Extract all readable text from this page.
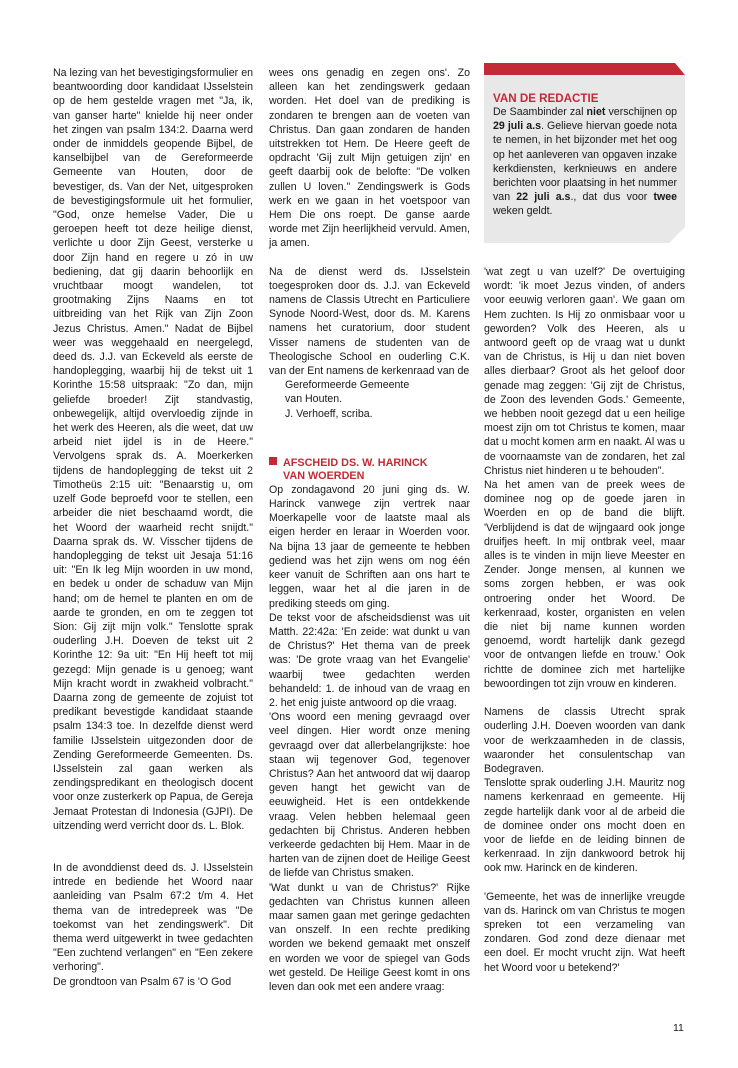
VAN DE REDACTIE

De Saambinder zal niet verschijnen op 29 juli a.s. Gelieve hiervan goede nota te nemen, in het bijzonder met het oog op het aanleveren van opgaven inzake kerkdiensten, kerknieuws en andere berichten voor plaatsing in het nummer van 22 juli a.s., dat dus voor twee weken geldt.

Na lezing van het bevestigingsformulier en beantwoording door kandidaat IJsselstein op de hem gestelde vragen met "Ja, ik, van ganser harte" knielde hij neer onder het zingen van psalm 134:2. Daarna werd onder de inmiddels geopende Bijbel, de kanselbijbel van de Gereformeerde Gemeente van Houten, door de bevestiger, ds. Van der Net, uitgesproken de bevestigingsformule uit het formulier, "God, onze hemelse Vader, Die u geroepen heeft tot deze heilige dienst, verlichte u door Zijn Geest, versterke u door Zijn hand en regere u zó in uw bediening, dat gij daarin behoorlijk en vruchtbaar moogt wandelen, tot grootmaking Zijns Naams en tot uitbreiding van het Rijk van Zijn Zoon Jezus Christus. Amen." Nadat de Bijbel weer was weggehaald en neergelegd, deed ds. J.J. van Eckeveld als eerste de handoplegging, waarbij hij de tekst uit 1 Korinthe 15:58 uitspraak: "Zo dan, mijn geliefde broeder! Zijt standvastig, onbewegelijk, altijd overvloedig zijnde in het werk des Heeren, als die weet, dat uw arbeid niet ijdel is in de Heere." Vervolgens sprak ds. A. Moerkerken tijdens de handoplegging de tekst uit 2 Timotheüs 2:15 uit: "Benaarstig u, om uzelf Gode beproefd voor te stellen, een arbeider die niet beschaamd wordt, die het Woord der waarheid recht snijdt." Daarna sprak ds. W. Visscher tijdens de handoplegging de tekst uit Jesaja 51:16 uit: "En Ik leg Mijn woorden in uw mond, en bedek u onder de schaduw van Mijn hand; om de hemel te planten en om de aarde te gronden, en om te zeggen tot Sion: Gij zijt mijn volk." Tenslotte sprak ouderling J.H. Doeven de tekst uit 2 Korinthe 12: 9a uit: "En Hij heeft tot mij gezegd: Mijn genade is u genoeg; want Mijn kracht wordt in zwakheid volbracht." Daarna zong de gemeente de zojuist tot predikant bevestigde kandidaat staande psalm 134:3 toe. In dezelfde dienst werd familie IJsselstein uitgezonden door de Zending Gereformeerde Gemeenten. Ds. IJsselstein zal gaan werken als zendingspredikant en theologisch docent voor onze zusterkerk op Papua, de Gereja Jemaat Protestan di Indonesia (GJPI). De uitzending werd verricht door ds. L. Blok.

In de avonddienst deed ds. J. IJsselstein intrede en bediende het Woord naar aanleiding van Psalm 67:2 t/m 4. Het thema van de intredepreek was "De toekomst van het zendingswerk". Dit thema werd uitgewerkt in twee gedachten "Een zuchtend verlangen" en "Een zekere verhoring".

De grondtoon van Psalm 67 is 'O God

wees ons genadig en zegen ons'. Zo alleen kan het zendingswerk gedaan worden. Het doel van de prediking is zondaren te brengen aan de voeten van Christus. Dan gaan zondaren de handen uitstrekken tot Hem. De Heere geeft de opdracht 'Gij zult Mijn getuigen zijn' en geeft daarbij ook de belofte: "De volken zullen U loven." Zendingswerk is Gods werk en we gaan in het voetspoor van Hem Die ons roept. De ganse aarde worde met Zijn heerlijkheid vervuld. Amen, ja amen.

Na de dienst werd ds. IJsselstein toegesproken door ds. J.J. van Eckeveld namens de Classis Utrecht en Particuliere Synode Noord-West, door ds. M. Karens namens het curatorium, door student Visser namens de studenten van de Theologische School en ouderling C.K. van der Ent namens de kerkenraad van de

Gereformeerde Gemeente

van Houten.

J. Verhoeff, scriba.

AFSCHEID DS. W. HARINCK
VAN WOERDEN

Op zondagavond 20 juni ging ds. W. Harinck vanwege zijn vertrek naar Moerkapelle voor de laatste maal als eigen herder en leraar in Woerden voor. Na bijna 13 jaar de gemeente te hebben gediend was het zijn wens om nog één keer vanuit de Schriften aan ons hart te leggen, waar het al die jaren in de prediking steeds om ging.

De tekst voor de afscheidsdienst was uit Matth. 22:42a: 'En zeide: wat dunkt u van de Christus?' Het thema van de preek was: 'De grote vraag van het Evangelie' waarbij twee gedachten werden behandeld: 1. de inhoud van de vraag en 2. het enig juiste antwoord op die vraag.

'Ons woord een mening gevraagd over veel dingen. Hier wordt onze mening gevraagd over dat allerbelangrijkste: hoe staan wij tegenover God, tegenover Christus? Aan het antwoord dat wij daarop geven hangt het gewicht van de eeuwigheid. Het is een ontdekkende vraag. Velen hebben helemaal geen gedachten bij Christus. Anderen hebben verkeerde gedachten bij Hem. Maar in de harten van de zijnen doet de Heilige Geest de liefde van Christus smaken.

'Wat dunkt u van de Christus?' Rijke gedachten van Christus kunnen alleen maar samen gaan met geringe gedachten van onszelf. In een rechte prediking worden we bekend gemaakt met onszelf en worden we voor de spiegel van Gods wet gesteld. De Heilige Geest komt in ons leven dan ook met een andere vraag:

'wat zegt u van uzelf?' De overtuiging wordt: 'ik moet Jezus vinden, of anders voor eeuwig verloren gaan'. We gaan om Hem zuchten. Is Hij zo onmisbaar voor u geworden? Volk des Heeren, als u antwoord geeft op de vraag wat u dunkt van de Christus, is Hij u dan niet boven alles dierbaar? Groot als het geloof door genade mag zeggen: 'Gij zijt de Christus, de Zoon des levenden Gods.' Gemeente, we hebben nooit gezegd dat u een heilige moest zijn om tot Christus te komen, maar dat u mocht komen arm en naakt. Al was u de voornaamste van de zondaren, het zal Christus niet hinderen u te behouden".

Na het amen van de preek wees de dominee nog op de goede jaren in Woerden en op de band die blijft. 'Verblijdend is dat de wijngaard ook jonge druifjes heeft. In mij ontbrak veel, maar alles is te vinden in mijn lieve Meester en Zender. Jonge mensen, al kunnen we soms zorgen hebben, er was ook ontroering onder het Woord. De kerkenraad, koster, organisten en velen die niet bij name kunnen worden genoemd, wordt hartelijk dank gezegd voor de ontvangen liefde en trouw.' Ook richtte de dominee zich met hartelijke bewoordingen tot zijn vrouw en kinderen.

Namens de classis Utrecht sprak ouderling J.H. Doeven woorden van dank voor de werkzaamheden in de classis, waaronder het consulentschap van Bodegraven.

Tenslotte sprak ouderling J.H. Mauritz nog namens kerkenraad en gemeente. Hij zegde hartelijk dank voor al de arbeid die de dominee onder ons mocht doen en voor de liefde en de leiding binnen de kerkenraad. In zijn dankwoord betrok hij ook mw. Harinck en de kinderen.

'Gemeente, het was de innerlijke vreugde van ds. Harinck om van Christus te mogen spreken tot een verzameling van zondaren. God zond deze dienaar met een doel. Er mocht vrucht zijn. Wat heeft het Woord voor u betekend?'

11
